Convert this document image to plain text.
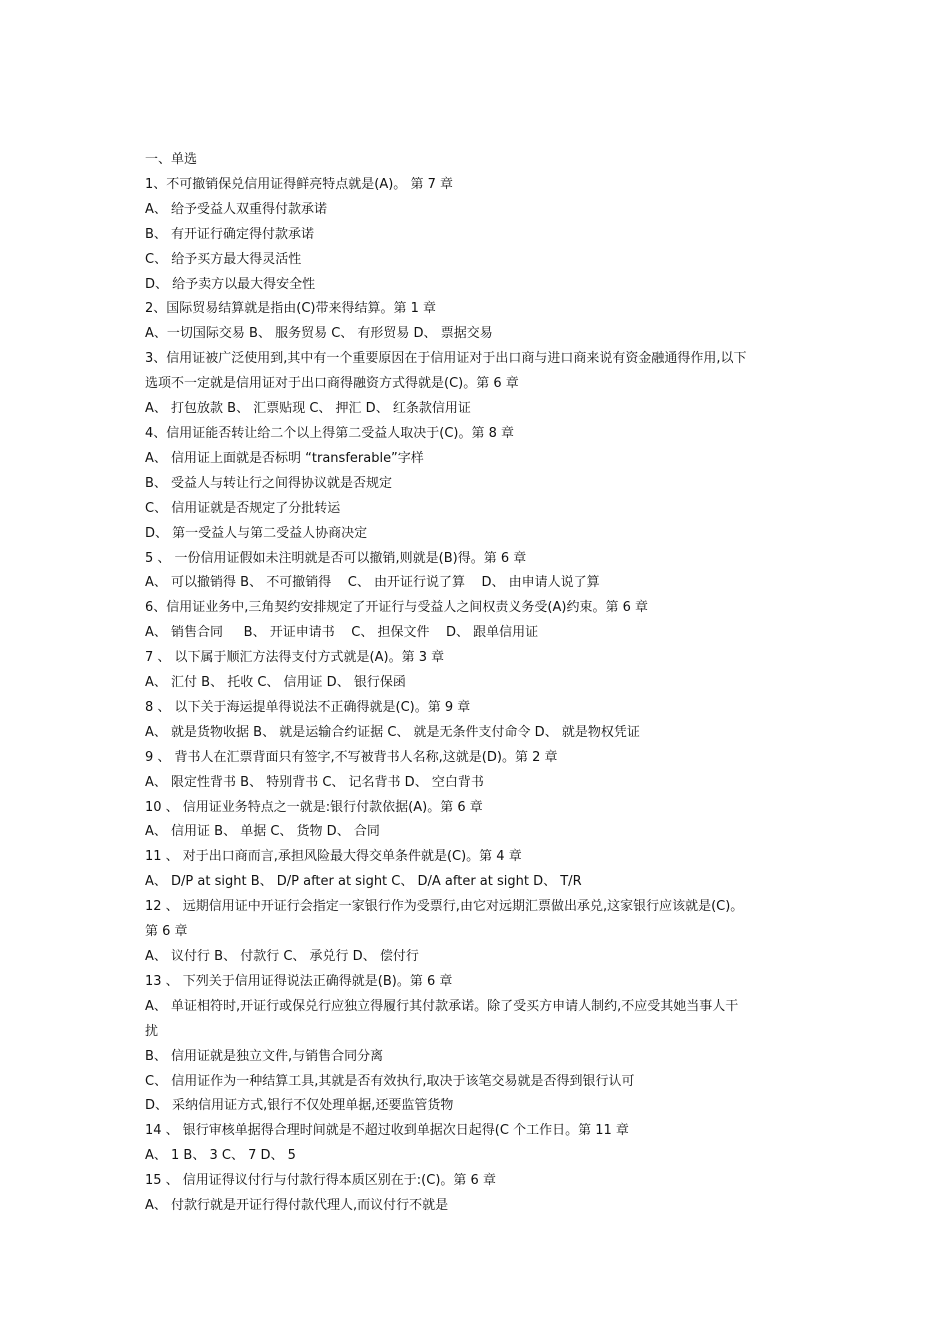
一、单选
1、不可撤销保兑信用证得鲜亮特点就是(A)。 第 7 章
A、 给予受益人双重得付款承诺
B、 有开证行确定得付款承诺
C、 给予买方最大得灵活性
D、 给予卖方以最大得安全性
2、国际贸易结算就是指由(C)带来得结算。第 1 章
A、一切国际交易 B、 服务贸易 C、 有形贸易 D、 票据交易
3、信用证被广泛使用到,其中有一个重要原因在于信用证对于出口商与进口商来说有资金融通得作用,以下
选项不一定就是信用证对于出口商得融资方式得就是(C)。第 6 章
A、 打包放款 B、 汇票贴现 C、 押汇 D、 红条款信用证
4、信用证能否转让给二个以上得第二受益人取决于(C)。第 8 章
A、 信用证上面就是否标明 “transferable”字样
B、 受益人与转让行之间得协议就是否规定
C、 信用证就是否规定了分批转运
D、 第一受益人与第二受益人协商决定
5 、 一份信用证假如未注明就是否可以撤销,则就是(B)得。第 6 章
A、 可以撤销得 B、 不可撤销得    C、 由开证行说了算    D、 由申请人说了算
6、信用证业务中,三角契约安排规定了开证行与受益人之间权责义务受(A)约束。第 6 章
A、 销售合同     B、 开证申请书    C、 担保文件    D、 跟单信用证
7 、 以下属于顺汇方法得支付方式就是(A)。第 3 章
A、 汇付 B、 托收 C、 信用证 D、 银行保函
8 、 以下关于海运提单得说法不正确得就是(C)。第 9 章
A、 就是货物收据 B、 就是运输合约证据 C、 就是无条件支付命令 D、 就是物权凭证
9 、 背书人在汇票背面只有签字,不写被背书人名称,这就是(D)。第 2 章
A、 限定性背书 B、 特别背书 C、 记名背书 D、 空白背书
10 、 信用证业务特点之一就是:银行付款依据(A)。第 6 章
A、 信用证 B、 单据 C、 货物 D、 合同
11 、 对于出口商而言,承担风险最大得交单条件就是(C)。第 4 章
A、 D/P at sight B、 D/P after at sight C、 D/A after at sight D、 T/R
12 、 远期信用证中开证行会指定一家银行作为受票行,由它对远期汇票做出承兑,这家银行应该就是(C)。
第 6 章
A、 议付行 B、 付款行 C、 承兑行 D、 偿付行
13 、 下列关于信用证得说法正确得就是(B)。第 6 章
A、 单证相符时,开证行或保兑行应独立得履行其付款承诺。除了受买方申请人制约,不应受其她当事人干
扰
B、 信用证就是独立文件,与销售合同分离
C、 信用证作为一种结算工具,其就是否有效执行,取决于该笔交易就是否得到银行认可
D、 采纳信用证方式,银行不仅处理单据,还要监管货物
14 、 银行审核单据得合理时间就是不超过收到单据次日起得(C 个工作日。第 11 章
A、 1 B、 3 C、 7 D、 5
15 、 信用证得议付行与付款行得本质区别在于:(C)。第 6 章
A、 付款行就是开证行得付款代理人,而议付行不就是
